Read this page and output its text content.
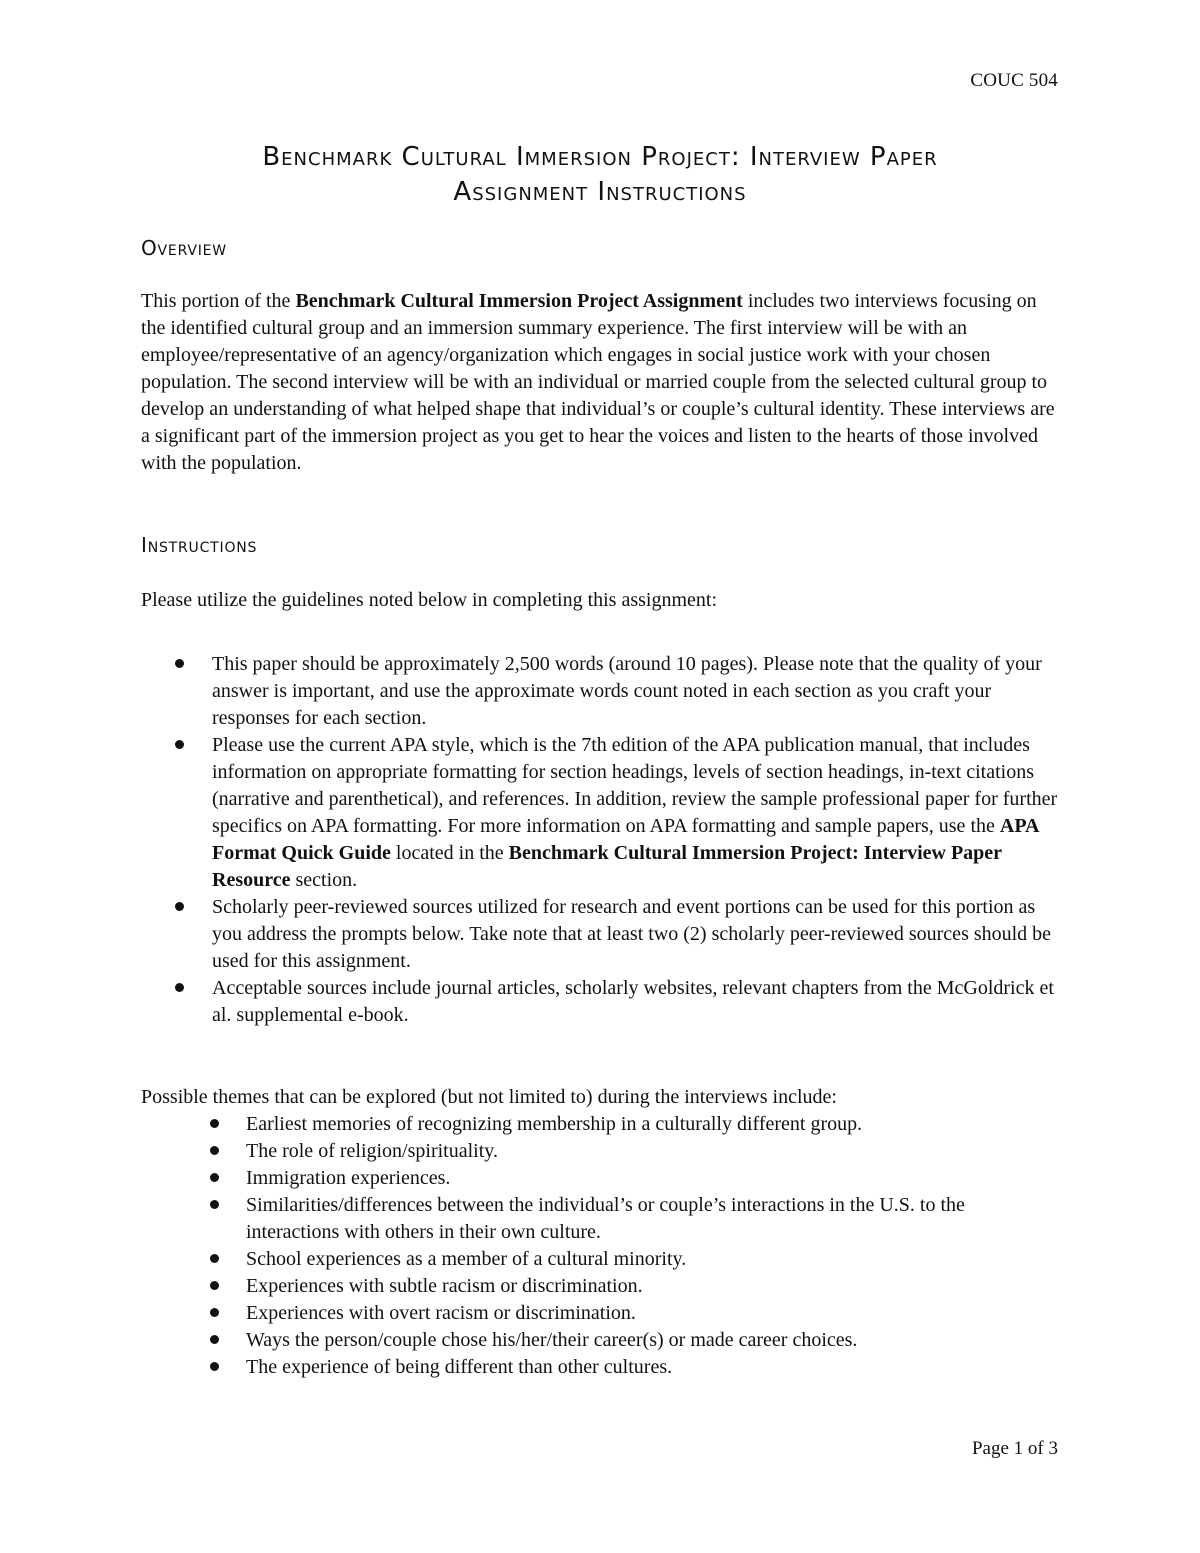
COUC 504
Benchmark Cultural Immersion Project: Interview Paper
Assignment Instructions
Overview

This portion of the Benchmark Cultural Immersion Project Assignment includes two interviews focusing on the identified cultural group and an immersion summary experience. The first interview will be with an employee/representative of an agency/organization which engages in social justice work with your chosen population. The second interview will be with an individual or married couple from the selected cultural group to develop an understanding of what helped shape that individual’s or couple’s cultural identity. These interviews are a significant part of the immersion project as you get to hear the voices and listen to the hearts of those involved with the population.

Instructions

Please utilize the guidelines noted below in completing this assignment:

This paper should be approximately 2,500 words (around 10 pages). Please note that the quality of your answer is important, and use the approximate words count noted in each section as you craft your responses for each section.
Please use the current APA style, which is the 7th edition of the APA publication manual, that includes information on appropriate formatting for section headings, levels of section headings, in-text citations (narrative and parenthetical), and references. In addition, review the sample professional paper for further specifics on APA formatting. For more information on APA formatting and sample papers, use the APA Format Quick Guide located in the Benchmark Cultural Immersion Project: Interview Paper Resource section.
Scholarly peer-reviewed sources utilized for research and event portions can be used for this portion as you address the prompts below. Take note that at least two (2) scholarly peer-reviewed sources should be used for this assignment.
Acceptable sources include journal articles, scholarly websites, relevant chapters from the McGoldrick et al. supplemental e-book.

Possible themes that can be explored (but not limited to) during the interviews include:

Earliest memories of recognizing membership in a culturally different group.
The role of religion/spirituality.
Immigration experiences.
Similarities/differences between the individual’s or couple’s interactions in the U.S. to the interactions with others in their own culture.
School experiences as a member of a cultural minority.
Experiences with subtle racism or discrimination.
Experiences with overt racism or discrimination.
Ways the person/couple chose his/her/their career(s) or made career choices.
The experience of being different than other cultures.
Page 1 of 3
